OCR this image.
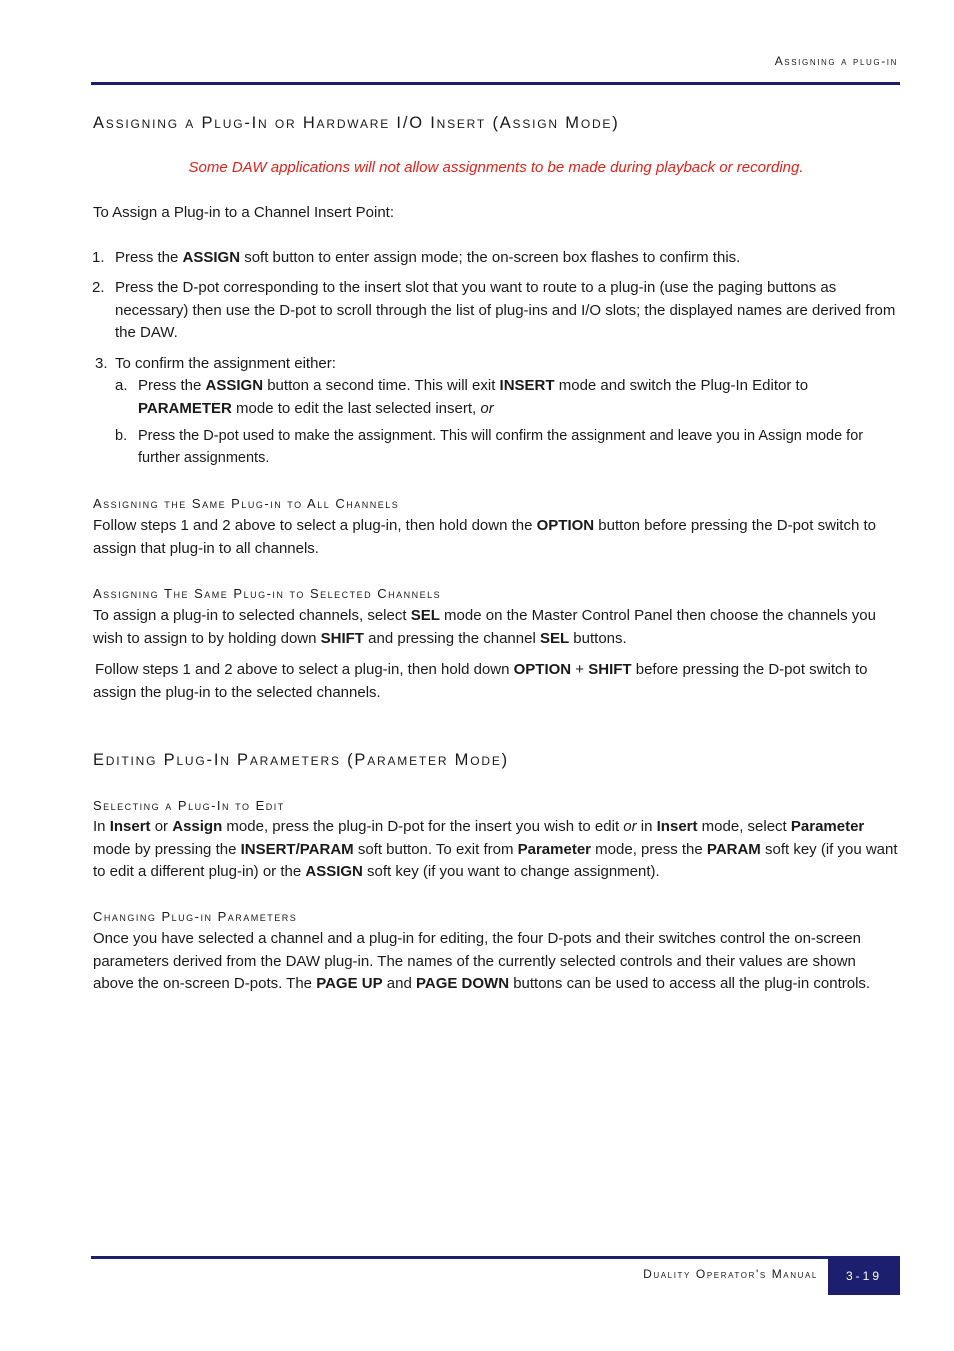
Assigning a plug-in
Assigning a Plug-In or Hardware I/O Insert (Assign Mode)
Some DAW applications will not allow assignments to be made during playback or recording.
To Assign a Plug-in to a Channel Insert Point:
1. Press the ASSIGN soft button to enter assign mode; the on-screen box flashes to confirm this.
2. Press the D-pot corresponding to the insert slot that you want to route to a plug-in (use the paging buttons as necessary) then use the D-pot to scroll through the list of plug-ins and I/O slots; the displayed names are derived from the DAW.
3. To confirm the assignment either:
a. Press the ASSIGN button a second time. This will exit INSERT mode and switch the Plug-In Editor to PARAMETER mode to edit the last selected insert, or
b. Press the D-pot used to make the assignment. This will confirm the assignment and leave you in Assign mode for further assignments.
Assigning the Same Plug-in to All Channels
Follow steps 1 and 2 above to select a plug-in, then hold down the OPTION button before pressing the D-pot switch to assign that plug-in to all channels.
Assigning The Same Plug-in to Selected Channels
To assign a plug-in to selected channels, select SEL mode on the Master Control Panel then choose the channels you wish to assign to by holding down SHIFT and pressing the channel SEL buttons.
Follow steps 1 and 2 above to select a plug-in, then hold down OPTION + SHIFT before pressing the D-pot switch to assign the plug-in to the selected channels.
Editing Plug-In Parameters (Parameter Mode)
Selecting a Plug-In to Edit
In Insert or Assign mode, press the plug-in D-pot for the insert you wish to edit or in Insert mode, select Parameter mode by pressing the INSERT/PARAM soft button. To exit from Parameter mode, press the PARAM soft key (if you want to edit a different plug-in) or the ASSIGN soft key (if you want to change assignment).
Changing Plug-in Parameters
Once you have selected a channel and a plug-in for editing, the four D-pots and their switches control the on-screen parameters derived from the DAW plug-in. The names of the currently selected controls and their values are shown above the on-screen D-pots. The PAGE UP and PAGE DOWN buttons can be used to access all the plug-in controls.
Duality Operator's Manual 3-19
